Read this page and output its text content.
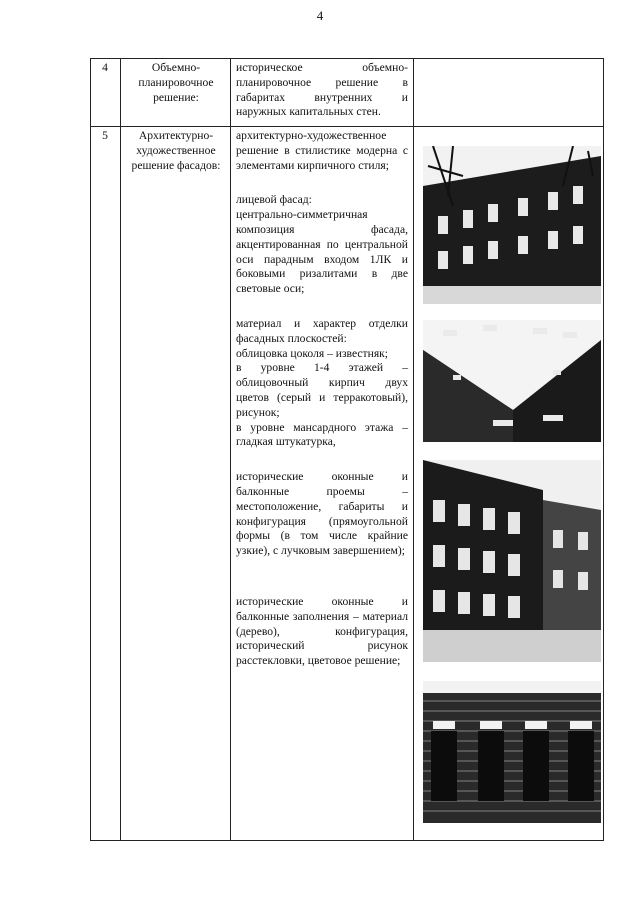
4
4	Объемно-
планировочное
решение:

историческое объемно-планировочное решение в габаритах внутренних и наружных капитальных стен.

5	Архитектурно-
художественное
решение фасадов:

архитектурно-художественное решение в стилистике модерна с элементами кирпичного стиля;

лицевой фасад:

центрально-симметричная композиция фасада, акцентированная по центральной оси парадным входом 1ЛК и боковыми ризалитами в две световые оси;

материал и характер отделки фасадных плоскостей:

облицовка цоколя – известняк;

в уровне 1-4 этажей – облицовочный кирпич двух цветов (серый и терракотовый), рисунок;

в уровне мансардного этажа – гладкая штукатурка,

исторические оконные и балконные проемы – местоположение, габариты и конфигурация (прямоугольной формы (в том числе крайние узкие), с лучковым завершением);

исторические оконные и балконные заполнения – материал (дерево), конфигурация, исторический рисунок расстекловки, цветовое решение;
